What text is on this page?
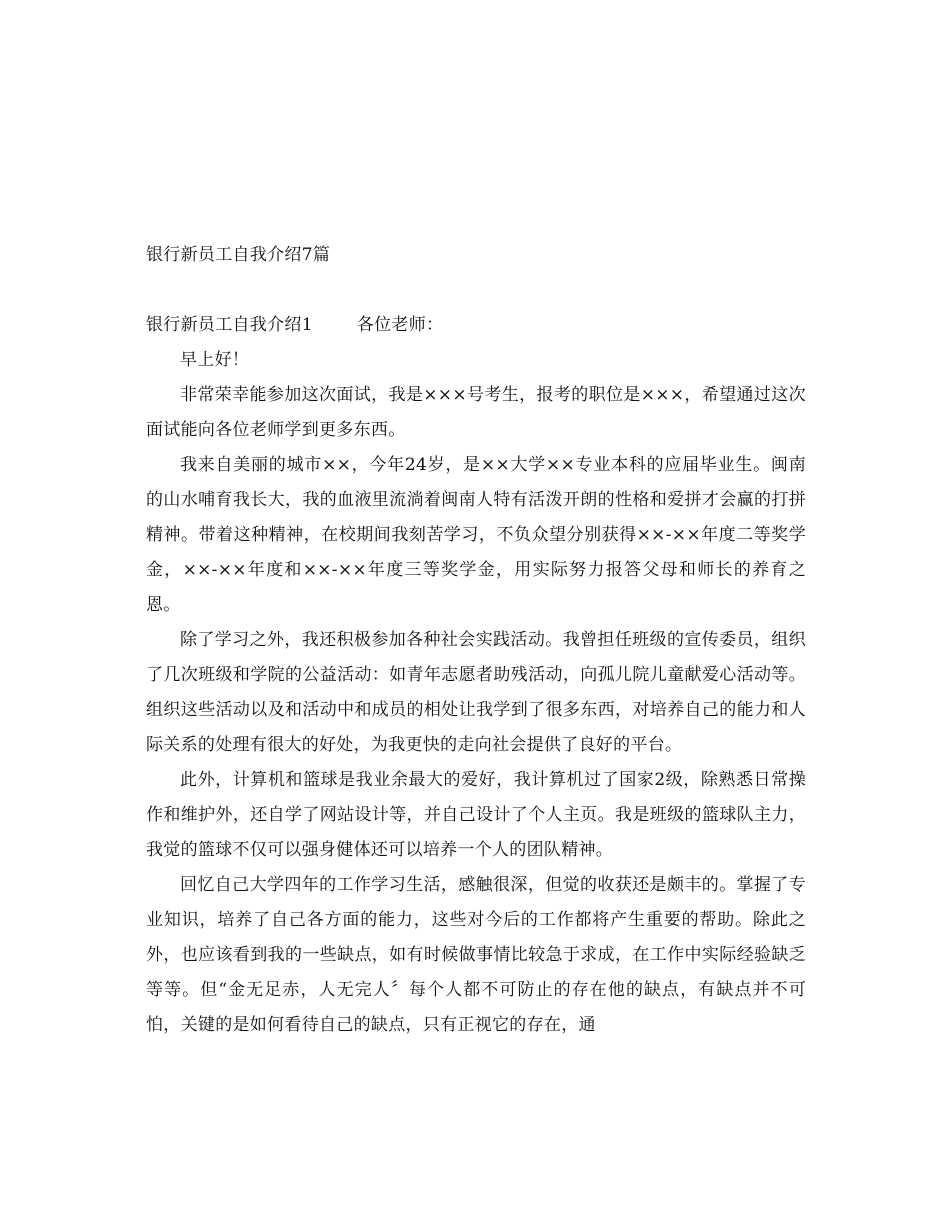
银行新员工自我介绍7篇

银行新员工自我介绍1	各位老师：

早上好！

非常荣幸能参加这次面试，我是×××号考生，报考的职位是×××，希望通过这次面试能向各位老师学到更多东西。

我来自美丽的城市××，今年24岁，是××大学××专业本科的应届毕业生。闽南的山水哺育我长大，我的血液里流淌着闽南人特有活泼开朗的性格和爱拼才会赢的打拼精神。带着这种精神，在校期间我刻苦学习，不负众望分别获得××-××年度二等奖学金，××-××年度和××-××年度三等奖学金，用实际努力报答父母和师长的养育之恩。

除了学习之外，我还积极参加各种社会实践活动。我曾担任班级的宣传委员，组织了几次班级和学院的公益活动：如青年志愿者助残活动，向孤儿院儿童献爱心活动等。组织这些活动以及和活动中和成员的相处让我学到了很多东西，对培养自己的能力和人际关系的处理有很大的好处，为我更快的走向社会提供了良好的平台。

此外，计算机和篮球是我业余最大的爱好，我计算机过了国家2级，除熟悉日常操作和维护外，还自学了网站设计等，并自己设计了个人主页。我是班级的篮球队主力，我觉的篮球不仅可以强身健体还可以培养一个人的团队精神。

回忆自己大学四年的工作学习生活，感触很深，但觉的收获还是颇丰的。掌握了专业知识，培养了自己各方面的能力，这些对今后的工作都将产生重要的帮助。除此之外，也应该看到我的一些缺点，如有时候做事情比较急于求成，在工作中实际经验缺乏等等。但“金无足赤，人无完人〞每个人都不可防止的存在他的缺点，有缺点并不可怕，关键的是如何看待自己的缺点，只有正视它的存在，通
